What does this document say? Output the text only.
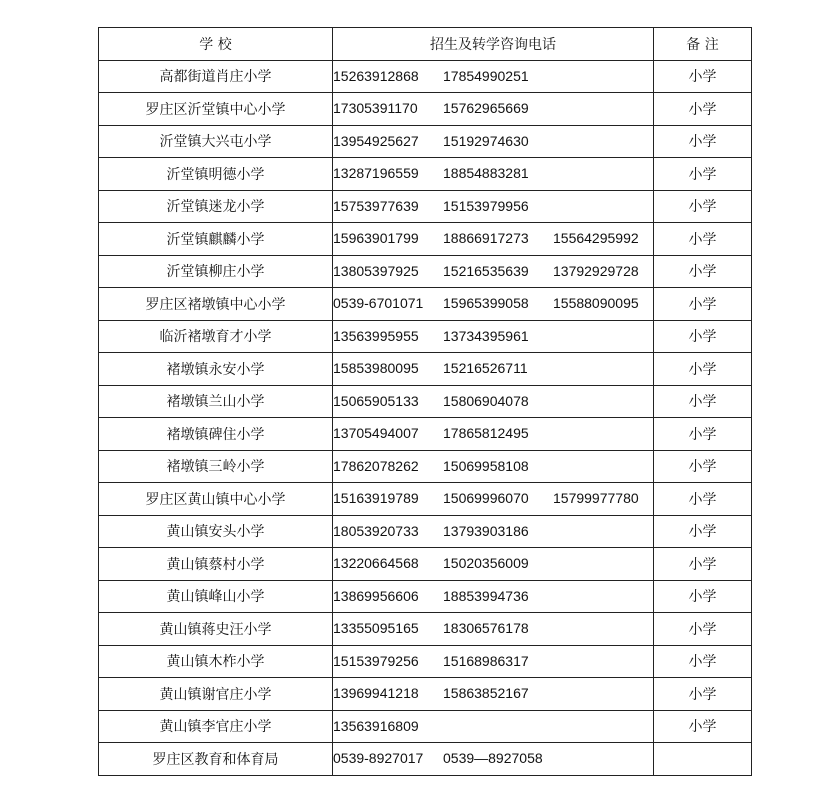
学 校	招生及转学咨询电话	备 注
高都街道肖庄小学	15263912868 17854990251	小学
罗庄区沂堂镇中心小学	17305391170 15762965669	小学
沂堂镇大兴屯小学	13954925627 15192974630	小学
沂堂镇明德小学	13287196559 18854883281	小学
沂堂镇迷龙小学	15753977639 15153979956	小学
沂堂镇麒麟小学	15963901799 18866917273 15564295992	小学
沂堂镇柳庄小学	13805397925 15216535639 13792929728	小学
罗庄区褚墩镇中心小学	0539-6701071 15965399058 15588090095	小学
临沂褚墩育才小学	13563995955 13734395961	小学
褚墩镇永安小学	15853980095 15216526711	小学
褚墩镇兰山小学	15065905133 15806904078	小学
褚墩镇碑住小学	13705494007 17865812495	小学
褚墩镇三岭小学	17862078262 15069958108	小学
罗庄区黄山镇中心小学	15163919789 15069996070 15799977780	小学
黄山镇安头小学	18053920733 13793903186	小学
黄山镇蔡村小学	13220664568 15020356009	小学
黄山镇峰山小学	13869956606 18853994736	小学
黄山镇蒋史汪小学	13355095165 18306576178	小学
黄山镇木柞小学	15153979256 15168986317	小学
黄山镇谢官庄小学	13969941218 15863852167	小学
黄山镇李官庄小学	13563916809	小学
罗庄区教育和体育局	0539-8927017 0539—8927058	
